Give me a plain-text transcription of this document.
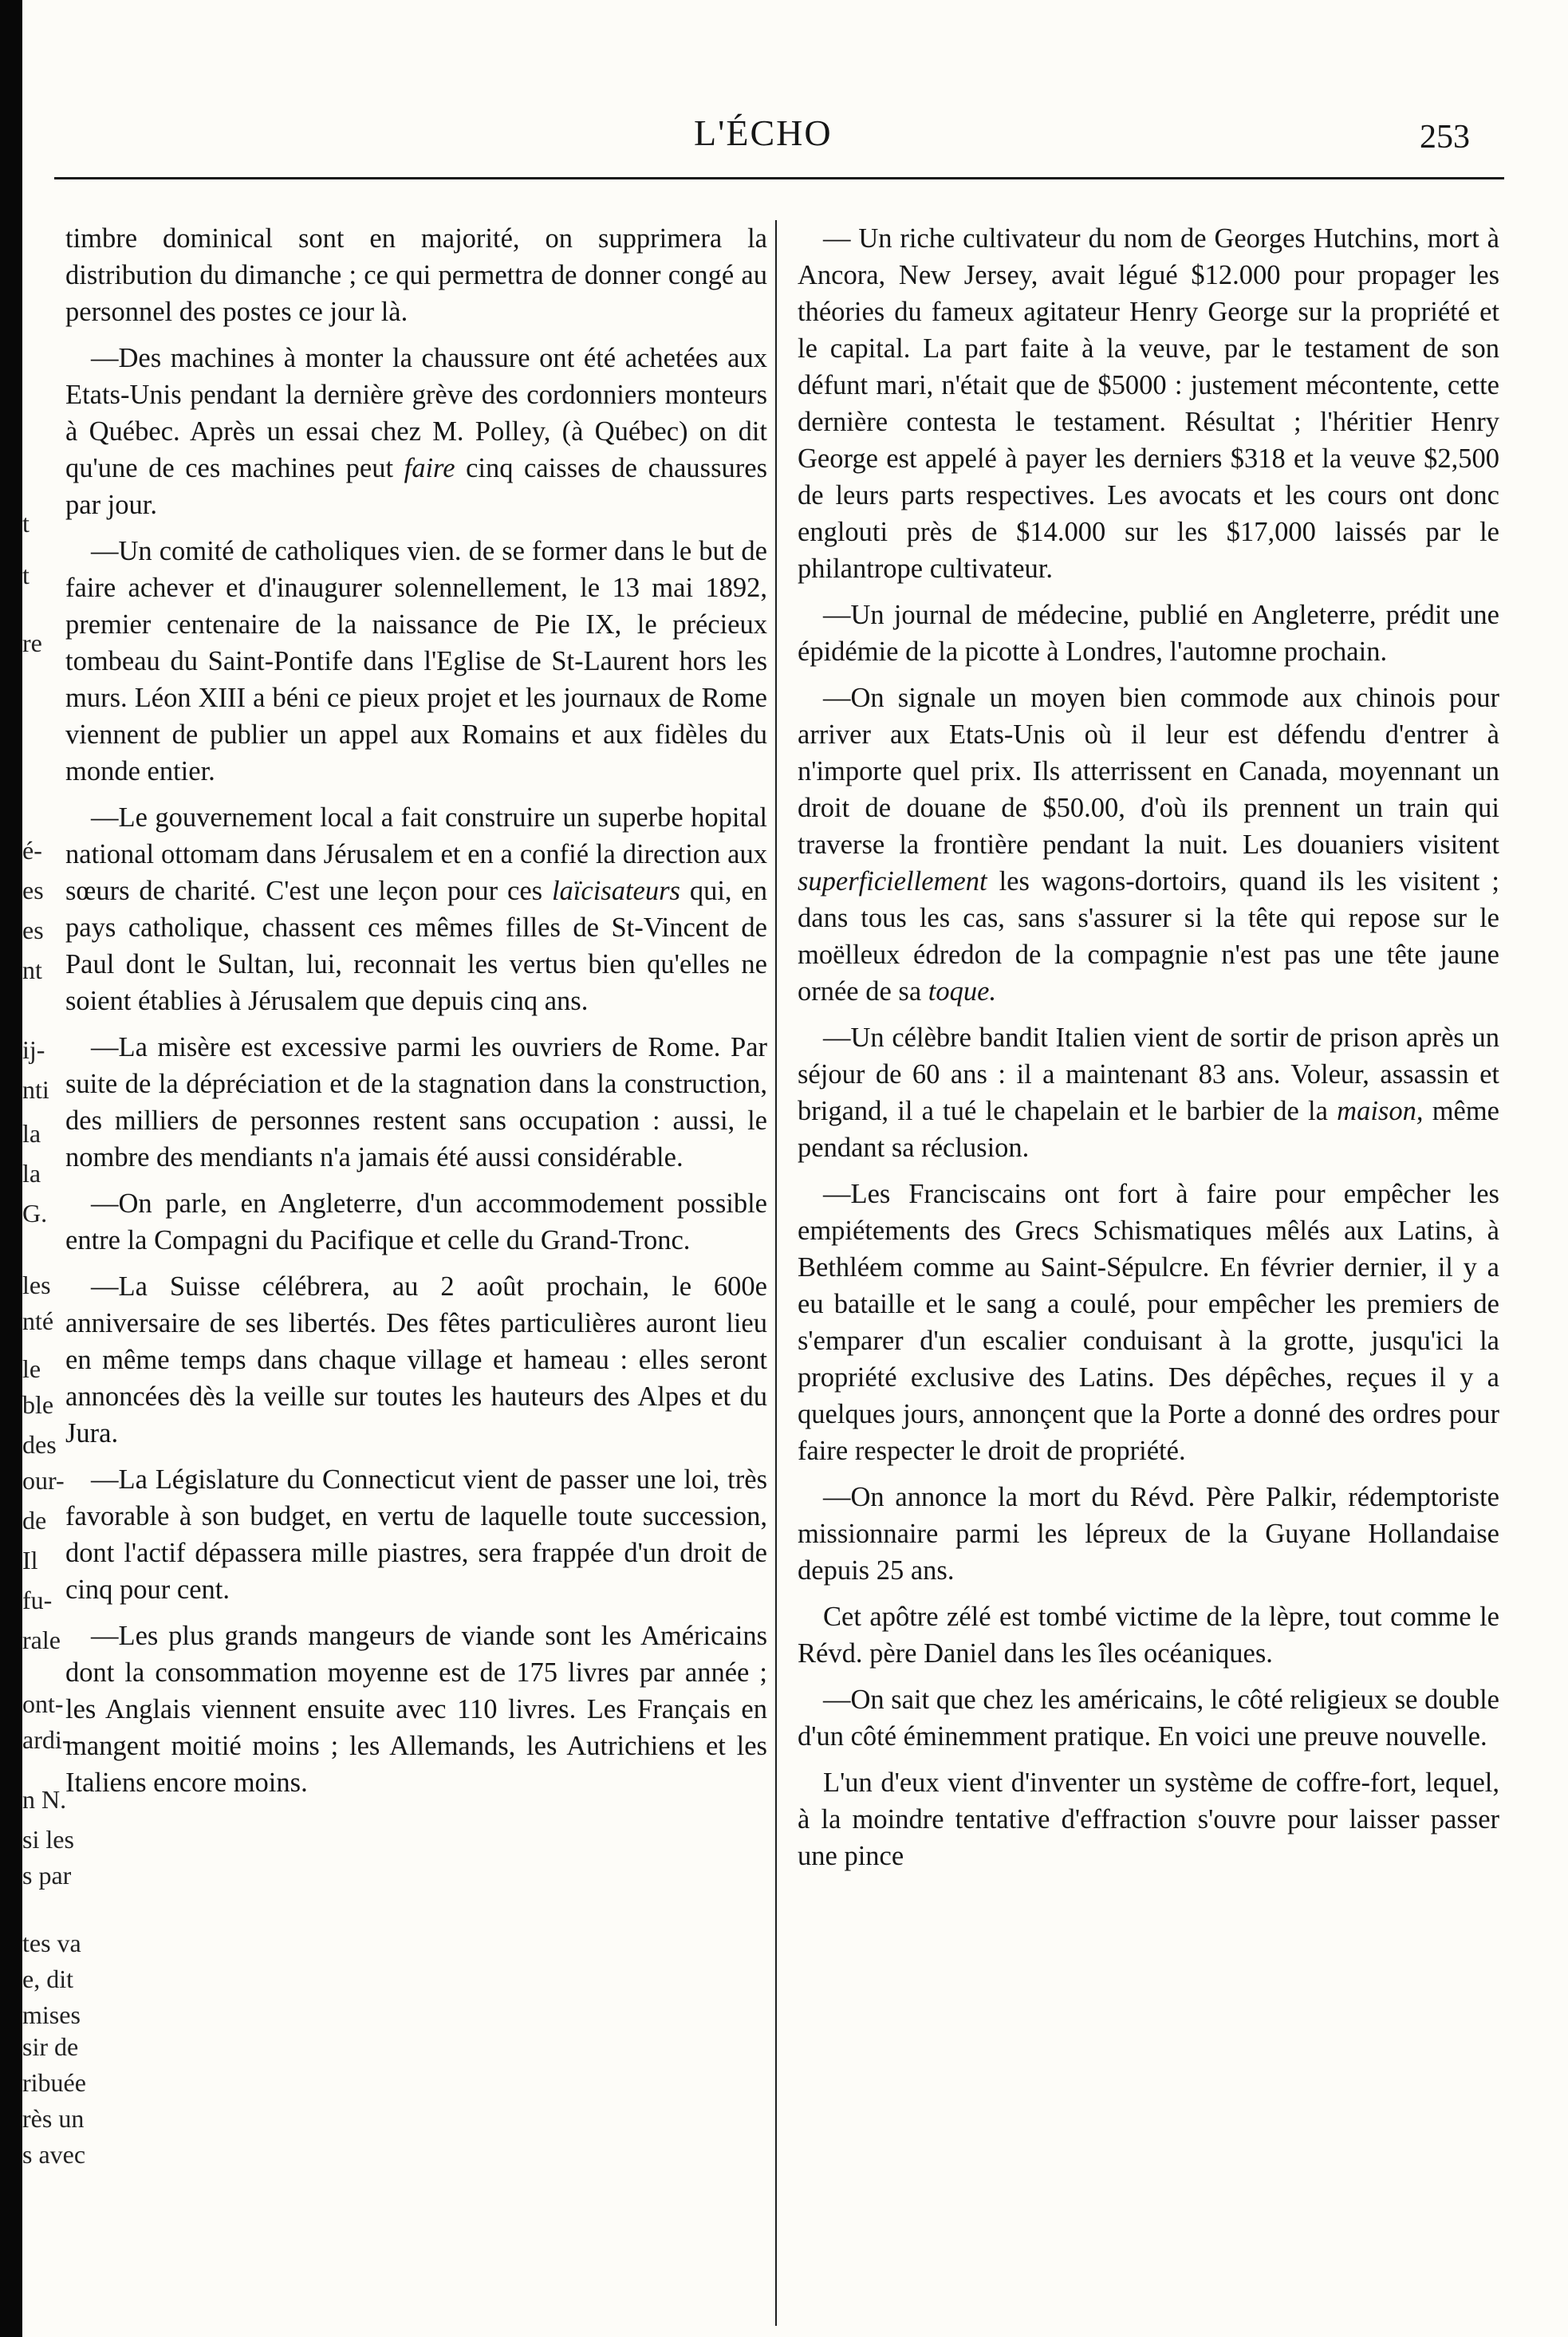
t
t
re
é-
es
es
nt
ij-
nti
la
la
G.
les
nté
le
ble
des
our-
de
Il
fu-
rale
ont-
ardi-
n N.
si les
s par
tes va
e, dit
mises
sir de
ribuée
rès un
s avec
L'ÉCHO	253

timbre dominical sont en majorité, on supprimera la distribution du dimanche ; ce qui permettra de donner congé au personnel des postes ce jour là.

—Des machines à monter la chaussure ont été achetées aux Etats-Unis pendant la dernière grève des cordonniers monteurs à Québec. Après un essai chez M. Polley, (à Québec) on dit qu'une de ces machines peut faire cinq caisses de chaussures par jour.

—Un comité de catholiques vien. de se former dans le but de faire achever et d'inaugurer solennellement, le 13 mai 1892, premier centenaire de la naissance de Pie IX, le précieux tombeau du Saint-Pontife dans l'Eglise de St-Laurent hors les murs. Léon XIII a béni ce pieux projet et les journaux de Rome viennent de publier un appel aux Romains et aux fidèles du monde entier.

—Le gouvernement local a fait construire un superbe hopital national ottomam dans Jérusalem et en a confié la direction aux sœurs de charité. C'est une leçon pour ces laïcisateurs qui, en pays catholique, chassent ces mêmes filles de St-Vincent de Paul dont le Sultan, lui, reconnait les vertus bien qu'elles ne soient établies à Jérusalem que depuis cinq ans.

—La misère est excessive parmi les ouvriers de Rome. Par suite de la dépréciation et de la stagnation dans la construction, des milliers de personnes restent sans occupation : aussi, le nombre des mendiants n'a jamais été aussi considérable.

—On parle, en Angleterre, d'un accommodement possible entre la Compagni du Pacifique et celle du Grand-Tronc.

—La Suisse célébrera, au 2 août prochain, le 600e anniversaire de ses libertés. Des fêtes particulières auront lieu en même temps dans chaque village et hameau : elles seront annoncées dès la veille sur toutes les hauteurs des Alpes et du Jura.

—La Législature du Connecticut vient de passer une loi, très favorable à son budget, en vertu de laquelle toute succession, dont l'actif dépassera mille piastres, sera frappée d'un droit de cinq pour cent.

—Les plus grands mangeurs de viande sont les Américains dont la consommation moyenne est de 175 livres par année ; les Anglais viennent ensuite avec 110 livres. Les Français en mangent moitié moins ; les Allemands, les Autrichiens et les Italiens encore moins.

— Un riche cultivateur du nom de Georges Hutchins, mort à Ancora, New Jersey, avait légué $12.000 pour propager les théories du fameux agitateur Henry George sur la propriété et le capital. La part faite à la veuve, par le testament de son défunt mari, n'était que de $5000 : justement mécontente, cette dernière contesta le testament. Résultat ; l'héritier Henry George est appelé à payer les derniers $318 et la veuve $2,500 de leurs parts respectives. Les avocats et les cours ont donc englouti près de $14.000 sur les $17,000 laissés par le philantrope cultivateur.

—Un journal de médecine, publié en Angleterre, prédit une épidémie de la picotte à Londres, l'automne prochain.

—On signale un moyen bien commode aux chinois pour arriver aux Etats-Unis où il leur est défendu d'entrer à n'importe quel prix. Ils atterrissent en Canada, moyennant un droit de douane de $50.00, d'où ils prennent un train qui traverse la frontière pendant la nuit. Les douaniers visitent superficiellement les wagons-dortoirs, quand ils les visitent ; dans tous les cas, sans s'assurer si la tête qui repose sur le moëlleux édredon de la compagnie n'est pas une tête jaune ornée de sa toque.

—Un célèbre bandit Italien vient de sortir de prison après un séjour de 60 ans : il a maintenant 83 ans. Voleur, assassin et brigand, il a tué le chapelain et le barbier de la maison, même pendant sa réclusion.

—Les Franciscains ont fort à faire pour empêcher les empiétements des Grecs Schismatiques mêlés aux Latins, à Bethléem comme au Saint-Sépulcre. En février dernier, il y a eu bataille et le sang a coulé, pour empêcher les premiers de s'emparer d'un escalier conduisant à la grotte, jusqu'ici la propriété exclusive des Latins. Des dépêches, reçues il y a quelques jours, annonçent que la Porte a donné des ordres pour faire respecter le droit de propriété.

—On annonce la mort du Révd. Père Palkir, rédemptoriste missionnaire parmi les lépreux de la Guyane Hollandaise depuis 25 ans.

Cet apôtre zélé est tombé victime de la lèpre, tout comme le Révd. père Daniel dans les îles océaniques.

—On sait que chez les américains, le côté religieux se double d'un côté éminemment pratique. En voici une preuve nouvelle.

L'un d'eux vient d'inventer un système de coffre-fort, lequel, à la moindre tentative d'effraction s'ouvre pour laisser passer une pince
